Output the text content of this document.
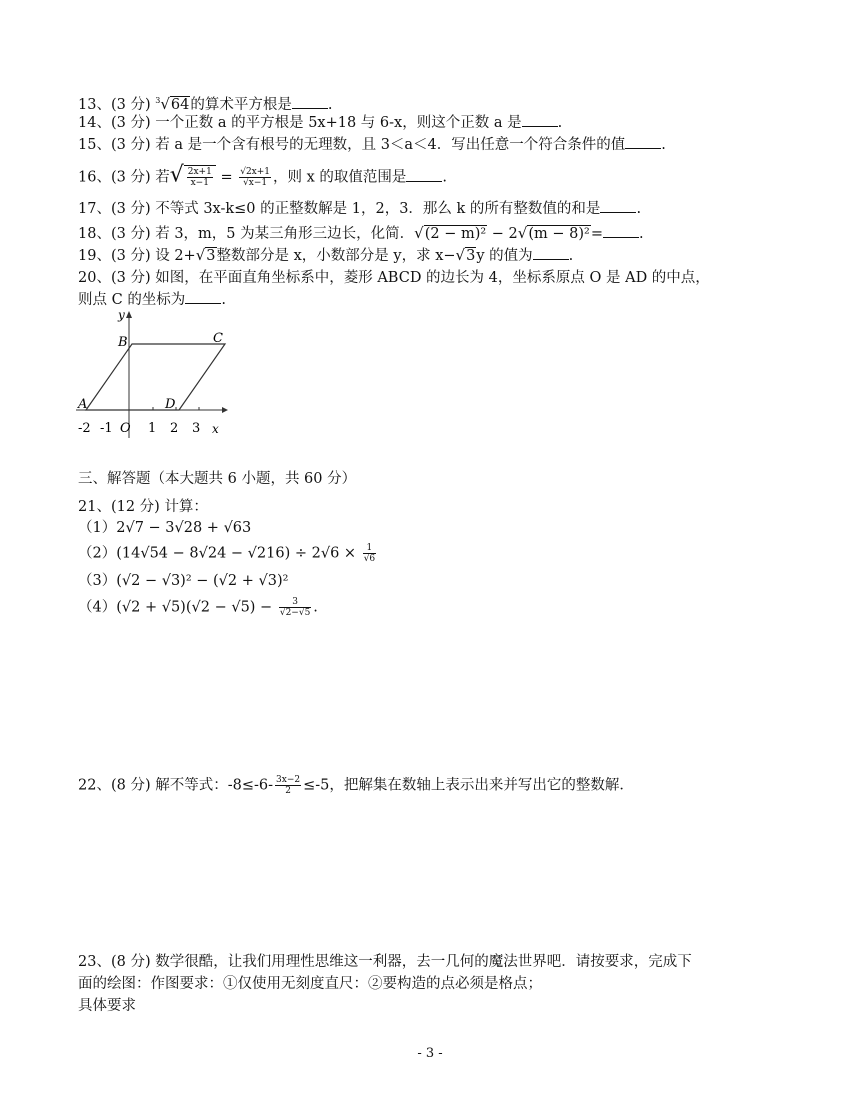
13、(3 分) $^3$√64的算术平方根是 .
14、(3 分) 一个正数 a 的平方根是 5x+18 与 6-x，则这个正数 a 是 .
15、(3 分) 若 a 是一个含有根号的无理数，且 3＜a＜4．写出任意一个符合条件的值 .
16、(3 分) 若√ $\frac{2x+1}{x-1} = \frac{√2x+1}{√x-1}$ ，则 x 的取值范围是 .
17、(3 分) 不等式 3x-k≤0 的正整数解是 1，2，3．那么 k 的所有整数值的和是 .
18、(3 分) 若 3，m，5 为某三角形三边长，化简．√(2 − m)² − 2√(m − 8)²= .
19、(3 分) 设 2+√3整数部分是 x，小数部分是 y，求 x−√3y 的值为 .
20、(3 分) 如图，在平面直角坐标系中，菱形 ABCD 的边长为 4，坐标系原点 O 是 AD 的中点，
则点 C 的坐标为 .
y
x
A
B	C
D
O
-2 -1	1 2 3
三、解答题（本大题共 6 小题，共 60 分）
21、(12 分) 计算：
（1）2√7 − 3√28 + √63
$(2)(14√54 - 8√24 - √216) \div 2√6 \times \frac{1}{√6}$
（3）(√2 − √3)² − (√2 + √3)²
$(4)(√2 + √5)(√2 - √5) - \frac{3}{√2-√5}$ .
22、(8 分) 解不等式：$-8\le-6- \frac{3x-2}{2} \le-5$，把解集在数轴上表示出来并写出它的整数解．
23、(8 分) 数学很酷，让我们用理性思维这一利器，去一几何的魔法世界吧．请按要求，完成下
面的绘图：作图要求：①仅使用无刻度直尺：②要构造的点必须是格点；
具体要求
- 3 -
